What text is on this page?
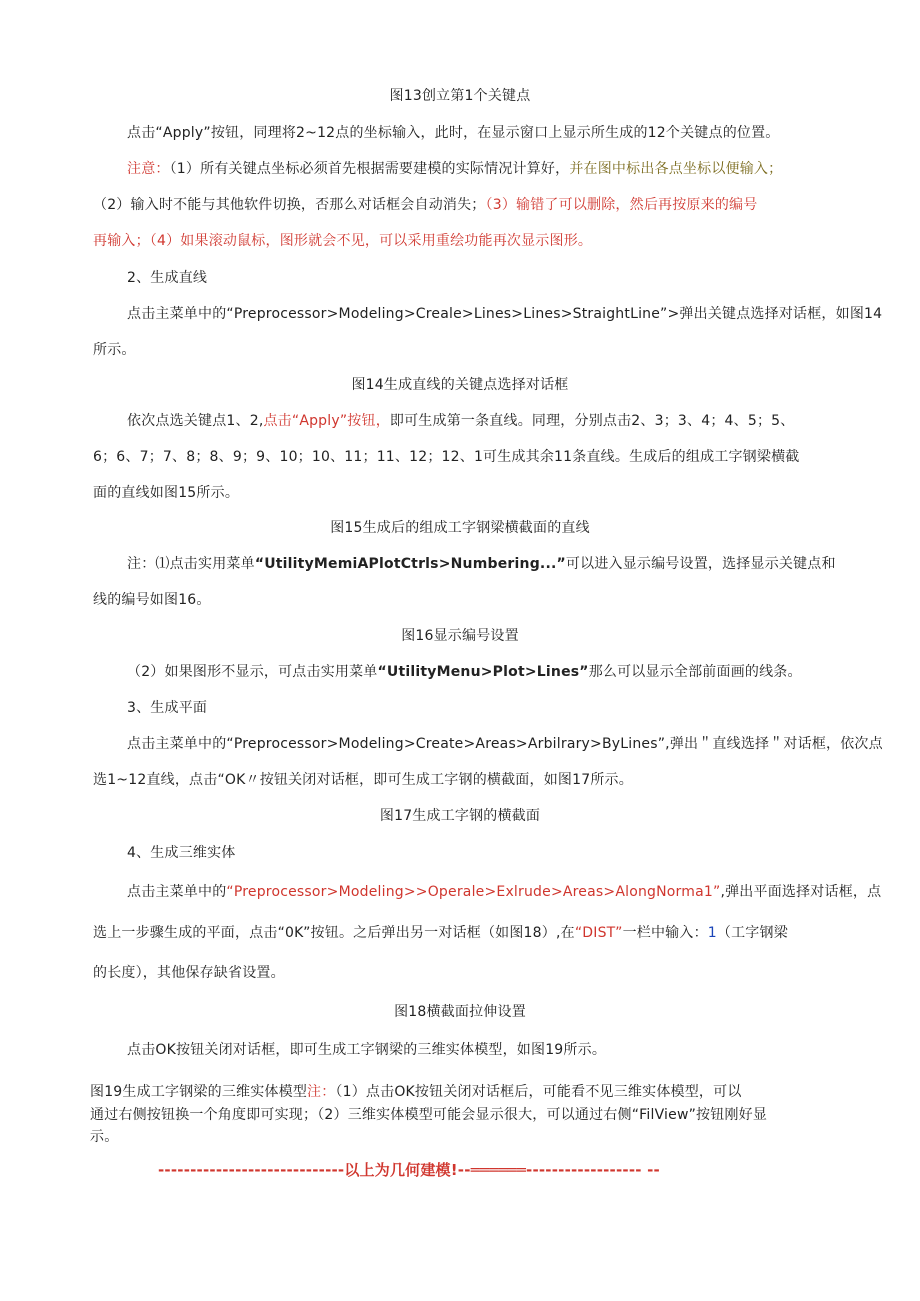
图13创立第1个关键点
点击“Apply”按钮，同理将2~12点的坐标输入，此时，在显示窗口上显示所生成的12个关键点的位置。
注意：（1）所有关键点坐标必须首先根据需要建模的实际情况计算好，并在图中标出各点坐标以便输入；
（2）输入时不能与其他软件切换，否那么对话框会自动消失；（3）输错了可以删除，然后再按原来的编号
再输入；（4）如果滚动鼠标，图形就会不见，可以采用重绘功能再次显示图形。
2、生成直线
点击主菜单中的“Preprocessor>Modeling>Creale>Lines>Lines>StraightLine”>弹出关键点选择对话框，如图14
所示。
图14生成直线的关键点选择对话框
依次点选关键点1、2,点击“Apply”按钮，即可生成第一条直线。同理，分别点击2、3；3、4；4、5；5、
6；6、7；7、8；8、9；9、10；10、11；11、12；12、1可生成其余11条直线。生成后的组成工字钢梁横截
面的直线如图15所示。
图15生成后的组成工字钢梁横截面的直线
注：⑴点击实用菜单“UtilityMemiAPlotCtrls>Numbering...”可以进入显示编号设置，选择显示关键点和
线的编号如图16。
图16显示编号设置
（2）如果图形不显示，可点击实用菜单“UtilityMenu>Plot>Lines”那么可以显示全部前面画的线条。
3、生成平面
点击主菜单中的“Preprocessor>Modeling>Create>Areas>Arbilrary>ByLines”,弹出＂直线选择＂对话框，依次点
选1~12直线，点击“OK〃按钮关闭对话框，即可生成工字钢的横截面，如图17所示。
图17生成工字钢的横截面
4、生成三维实体
点击主菜单中的“Preprocessor>Modeling>>Operale>Exlrude>Areas>AlongNorma1”,弹出平面选择对话框，点
选上一步骤生成的平面，点击“0K”按钮。之后弹出另一对话框（如图18）,在“DIST”一栏中输入：1（工字钢梁
的长度），其他保存缺省设置。
图18横截面拉伸设置
点击OK按钮关闭对话框，即可生成工字钢梁的三维实体模型，如图19所示。
图19生成工字钢梁的三维实体模型注：（1）点击OK按钮关闭对话框后，可能看不见三维实体模型，可以
通过右侧按钮换一个角度即可实现；（2）三维实体模型可能会显示很大，可以通过右侧“FilView”按钮刚好显
示。
-----------------------------以上为几何建模!--══════------------------ --
